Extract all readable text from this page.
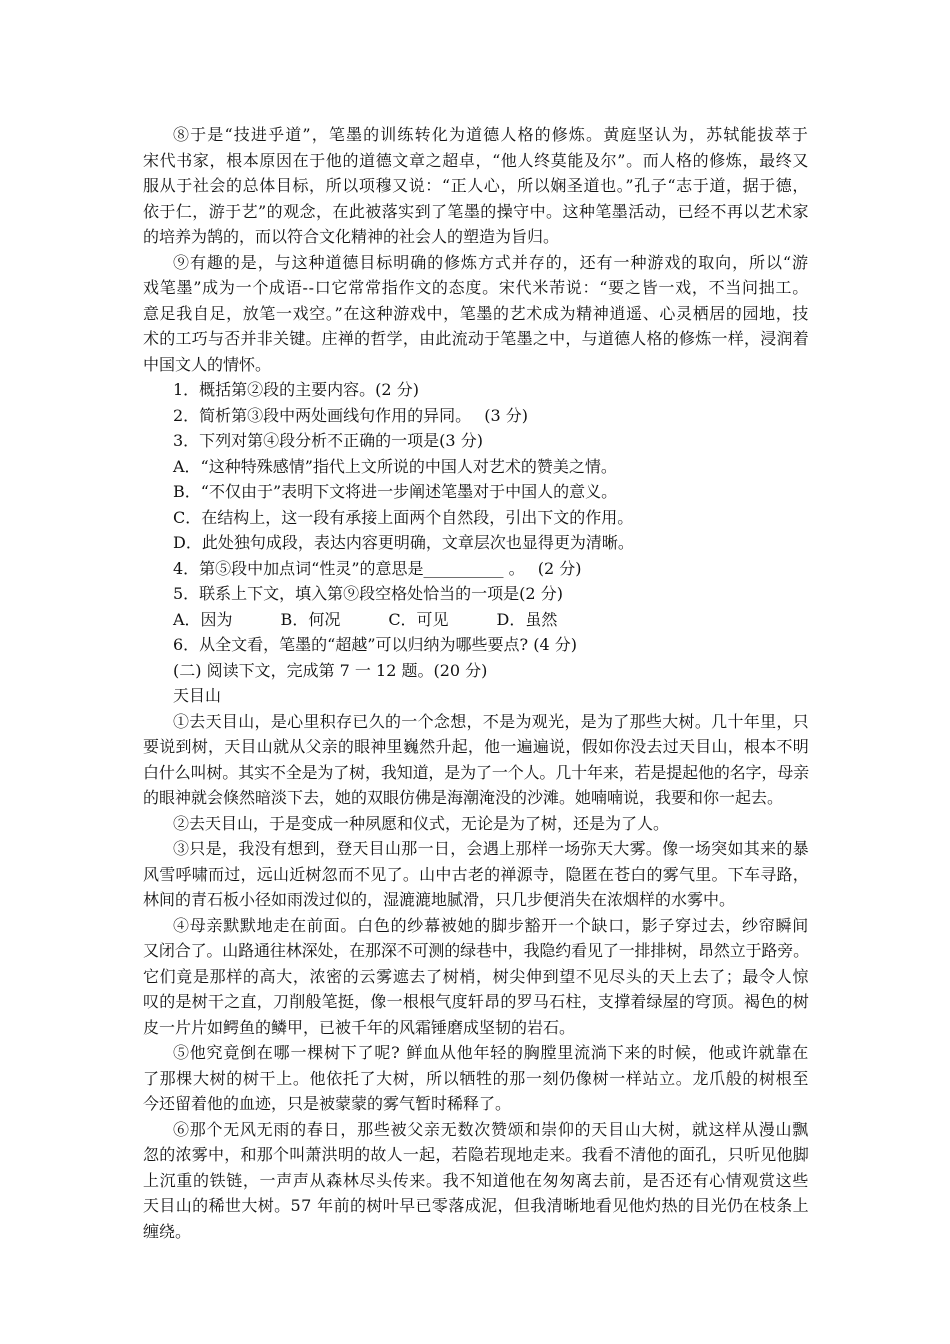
⑧于是“技进乎道”，笔墨的训练转化为道德人格的修炼。黄庭坚认为，苏轼能拔萃于
宋代书家，根本原因在于他的道德文章之超卓，“他人终莫能及尔”。而人格的修炼，最终又
服从于社会的总体目标，所以项穆又说：“正人心，所以娴圣道也。”孔子“志于道，据于德，
依于仁，游于艺”的观念，在此被落实到了笔墨的操守中。这种笔墨活动，已经不再以艺术家
的培养为鹄的，而以符合文化精神的社会人的塑造为旨归。
⑨有趣的是，与这种道德目标明确的修炼方式并存的，还有一种游戏的取向，所以“游
戏笔墨”成为一个成语--口它常常指作文的态度。宋代米芾说：“要之皆一戏，不当问拙工。
意足我自足，放笔一戏空。”在这种游戏中，笔墨的艺术成为精神逍遥、心灵栖居的园地，技
术的工巧与否并非关键。庄禅的哲学，由此流动于笔墨之中，与道德人格的修炼一样，浸润着
中国文人的情怀。
1．概括第②段的主要内容。(2 分)
2．简析第③段中两处画线句作用的异同。　 (3 分)
3．下列对第④段分析不正确的一项是(3 分)
A．“这种特殊感情”指代上文所说的中国人对艺术的赞美之情。
B．“不仅由于”表明下文将进一步阐述笔墨对于中国人的意义。
C．在结构上，这一段有承接上面两个自然段，引出下文的作用。
D．此处独句成段，表达内容更明确，文章层次也显得更为清晰。
4．第⑤段中加点词“性灵”的意思是__________ 。　 (2 分)
5．联系上下文，填入第⑨段空格处恰当的一项是(2 分)
A．因为　　　B．何况　　　C．可见　　　D．虽然
6．从全文看，笔墨的“超越”可以归纳为哪些要点? (4 分)
(二) 阅读下文，完成第 7 一 12 题。(20 分)
天目山
①去天目山，是心里积存已久的一个念想，不是为观光，是为了那些大树。几十年里，只
要说到树，天目山就从父亲的眼神里巍然升起，他一遍遍说，假如你没去过天目山，根本不明
白什么叫树。其实不全是为了树，我知道，是为了一个人。几十年来，若是提起他的名字，母亲
的眼神就会倏然暗淡下去，她的双眼仿佛是海潮淹没的沙滩。她喃喃说，我要和你一起去。
②去天目山，于是变成一种夙愿和仪式，无论是为了树，还是为了人。
③只是，我没有想到，登天目山那一日，会遇上那样一场弥天大雾。像一场突如其来的暴
风雪呼啸而过，远山近树忽而不见了。山中古老的禅源寺，隐匿在苍白的雾气里。下车寻路，
林间的青石板小径如雨泼过似的，湿漉漉地腻滑，只几步便消失在浓烟样的水雾中。
④母亲默默地走在前面。白色的纱幕被她的脚步豁开一个缺口，影子穿过去，纱帘瞬间
又闭合了。山路通往林深处，在那深不可测的绿巷中，我隐约看见了一排排树，昂然立于路旁。
它们竟是那样的高大，浓密的云雾遮去了树梢，树尖伸到望不见尽头的天上去了；最令人惊
叹的是树干之直，刀削般笔挺，像一根根气度轩昂的罗马石柱，支撑着绿屋的穹顶。褐色的树
皮一片片如鳄鱼的鳞甲，已被千年的风霜锤磨成坚韧的岩石。
⑤他究竟倒在哪一棵树下了呢? 鲜血从他年轻的胸膛里流淌下来的时候，他或许就靠在
了那棵大树的树干上。他依托了大树，所以牺牲的那一刻仍像树一样站立。龙爪般的树根至
今还留着他的血迹，只是被蒙蒙的雾气暂时稀释了。
⑥那个无风无雨的春日，那些被父亲无数次赞颂和崇仰的天目山大树，就这样从漫山飘
忽的浓雾中，和那个叫萧洪明的故人一起，若隐若现地走来。我看不清他的面孔，只听见他脚
上沉重的铁链，一声声从森林尽头传来。我不知道他在匆匆离去前，是否还有心情观赏这些
天目山的稀世大树。57 年前的树叶早已零落成泥，但我清晰地看见他灼热的目光仍在枝条上
缠绕。
